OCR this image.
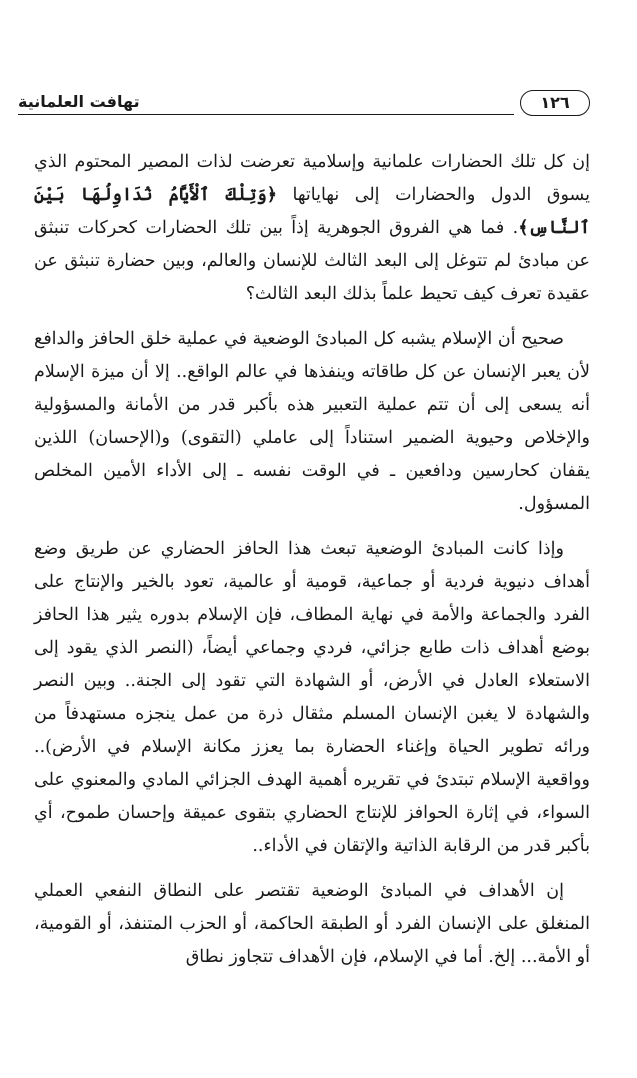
١٢٦
تهافت العلمانية

إن كل تلك الحضارات علمانية وإسلامية تعرضت لذات المصير المحتوم الذي يسوق الدول والحضارات إلى نهاياتها ﴿وَتِلْكَ ٱلْأَيَّامُ نُدَاوِلُهَا بَيْنَ ٱلنَّاسِ﴾. فما هي الفروق الجوهرية إذاً بين تلك الحضارات كحركات تنبثق عن مبادئ لم تتوغل إلى البعد الثالث للإنسان والعالم، وبين حضارة تنبثق عن عقيدة تعرف كيف تحيط علماً بذلك البعد الثالث؟

صحيح أن الإسلام يشبه كل المبادئ الوضعية في عملية خلق الحافز والدافع لأن يعبر الإنسان عن كل طاقاته وينفذها في عالم الواقع.. إلا أن ميزة الإسلام أنه يسعى إلى أن تتم عملية التعبير هذه بأكبر قدر من الأمانة والمسؤولية والإخلاص وحيوية الضمير استناداً إلى عاملي (التقوى) و(الإحسان) اللذين يقفان كحارسين ودافعين ـ في الوقت نفسه ـ إلى الأداء الأمين المخلص المسؤول.

وإذا كانت المبادئ الوضعية تبعث هذا الحافز الحضاري عن طريق وضع أهداف دنيوية فردية أو جماعية، قومية أو عالمية، تعود بالخير والإنتاج على الفرد والجماعة والأمة في نهاية المطاف، فإن الإسلام بدوره يثير هذا الحافز بوضع أهداف ذات طابع جزائي، فردي وجماعي أيضاً، (النصر الذي يقود إلى الاستعلاء العادل في الأرض، أو الشهادة التي تقود إلى الجنة.. وبين النصر والشهادة لا يغبن الإنسان المسلم مثقال ذرة من عمل ينجزه مستهدفاً من ورائه تطوير الحياة وإغناء الحضارة بما يعزز مكانة الإسلام في الأرض).. وواقعية الإسلام تبتدئ في تقريره أهمية الهدف الجزائي المادي والمعنوي على السواء، في إثارة الحوافز للإنتاج الحضاري بتقوى عميقة وإحسان طموح، أي بأكبر قدر من الرقابة الذاتية والإتقان في الأداء..

إن الأهداف في المبادئ الوضعية تقتصر على النطاق النفعي العملي المنغلق على الإنسان الفرد أو الطبقة الحاكمة، أو الحزب المتنفذ، أو القومية، أو الأمة... إلخ. أما في الإسلام، فإن الأهداف تتجاوز نطاق
